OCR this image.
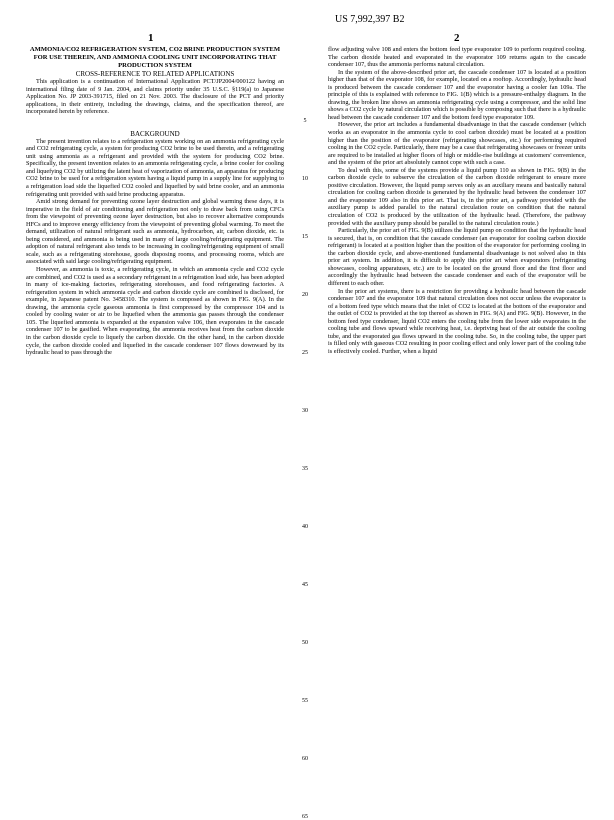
US 7,992,397 B2
1	2

AMMONIA/CO2 REFRIGERATION SYSTEM, CO2 BRINE PRODUCTION SYSTEM FOR USE THEREIN, AND AMMONIA COOLING UNIT INCORPORATING THAT PRODUCTION SYSTEM

CROSS-REFERENCE TO RELATED APPLICATIONS

This application is a continuation of International Application PCT/JP2004/000122 having an international filing date of 9 Jan. 2004, and claims priority under 35 U.S.C. §119(a) to Japanese Application No. JP 2003-391715, filed on 21 Nov. 2003. The disclosure of the PCT and priority applications, in their entirety, including the drawings, claims, and the specification thereof, are incorporated herein by reference.

BACKGROUND

The present invention relates to a refrigeration system working on an ammonia refrigerating cycle and CO2 refrigerating cycle, a system for producing CO2 brine to be used therein, and a refrigerating unit using ammonia as a refrigerant and provided with the system for producing CO2 brine. Specifically, the present invention relates to an ammonia refrigerating cycle, a brine cooler for cooling and liquefying CO2 by utilizing the latent heat of vaporization of ammonia, an apparatus for producing CO2 brine to be used for a refrigeration system having a liquid pump in a supply line for supplying to a refrigeration load side the liquefied CO2 cooled and liquefied by said brine cooler, and an ammonia refrigerating unit provided with said brine producing apparatus.

Amid strong demand for preventing ozone layer destruction and global warming these days, it is imperative in the field of air conditioning and refrigeration not only to draw back from using CFCs from the viewpoint of preventing ozone layer destruction, but also to recover alternative compounds HFCs and to improve energy efficiency from the viewpoint of preventing global warming. To meet the demand, utilization of natural refrigerant such as ammonia, hydrocarbon, air, carbon dioxide, etc. is being considered, and ammonia is being used in many of large cooling/refrigerating equipment. The adoption of natural refrigerant also tends to be increasing in cooling/refrigerating equipment of small scale, such as a refrigerating storehouse, goods disposing rooms, and processing rooms, which are associated with said large cooling/refrigerating equipment.

However, as ammonia is toxic, a refrigerating cycle, in which an ammonia cycle and CO2 cycle are combined, and CO2 is used as a secondary refrigerant in a refrigeration load side, has been adopted in many of ice-making factories, refrigerating storehouses, and food refrigerating factories. A refrigeration system in which ammonia cycle and carbon dioxide cycle are combined is disclosed, for example, in Japanese patent No. 3458310. The system is composed as shown in FIG. 9(A). In the drawing, the ammonia cycle gaseous ammonia is first compressed by the compressor 104 and is cooled by cooling water or air to be liquefied when the ammonia gas passes through the condenser 105. The liquefied ammonia is expanded at the expansion valve 106, then evaporates in the cascade condenser 107 to be gasified. When evaporating, the ammonia receives heat from the carbon dioxide in the carbon dioxide cycle to liquefy the carbon dioxide. On the other hand, in the carbon dioxide cycle, the carbon dioxide cooled and liquefied in the cascade condenser 107 flows downward by its hydraulic head to pass through the

5
10
15
20
25
30
35
40
45
50
55
60
65

flow adjusting valve 108 and enters the bottom feed type evaporator 109 to perform required cooling. The carbon dioxide heated and evaporated in the evaporator 109 returns again to the cascade condenser 107, thus the ammonia performs natural circulation.

In the system of the above-described prior art, the cascade condenser 107 is located at a position higher than that of the evaporator 108, for example, located on a rooftop. Accordingly, hydraulic head is produced between the cascade condenser 107 and the evaporator having a cooler fan 109a. The principle of this is explained with reference to FIG. 1(B) which is a pressure-enthalpy diagram. In the drawing, the broken line shows an ammonia refrigerating cycle using a compressor, and the solid line shows a CO2 cycle by natural circulation which is possible by composing such that there is a hydraulic head between the cascade condenser 107 and the bottom feed type evaporator 109.

However, the prior art includes a fundamental disadvantage in that the cascade condenser (which works as an evaporator in the ammonia cycle to cool carbon dioxide) must be located at a position higher than the position of the evaporator (refrigerating showcases, etc.) for performing required cooling in the CO2 cycle. Particularly, there may be a case that refrigerating showcases or freezer units are required to be installed at higher floors of high or middle-rise buildings at customers' convenience, and the system of the prior art absolutely cannot cope with such a case.

To deal with this, some of the systems provide a liquid pump 110 as shown in FIG. 9(B) in the carbon dioxide cycle to subserve the circulation of the carbon dioxide refrigerant to ensure more positive circulation. However, the liquid pump serves only as an auxiliary means and basically natural circulation for cooling carbon dioxide is generated by the hydraulic head between the condenser 107 and the evaporator 109 also in this prior art. That is, in the prior art, a pathway provided with the auxiliary pump is added parallel to the natural circulation route on condition that the natural circulation of CO2 is produced by the utilization of the hydraulic head. (Therefore, the pathway provided with the auxiliary pump should be parallel to the natural circulation route.)

Particularly, the prior art of FIG. 9(B) utilizes the liquid pump on condition that the hydraulic head is secured, that is, on condition that the cascade condenser (an evaporator for cooling carbon dioxide refrigerant) is located at a position higher than the position of the evaporator for performing cooling in the carbon dioxide cycle, and above-mentioned fundamental disadvantage is not solved also in this prior art system. In addition, it is difficult to apply this prior art when evaporators (refrigerating showcases, cooling apparatuses, etc.) are to be located on the ground floor and the first floor and accordingly the hydraulic head between the cascade condenser and each of the evaporator will be different to each other.

In the prior art systems, there is a restriction for providing a hydraulic head between the cascade condenser 107 and the evaporator 109 that natural circulation does not occur unless the evaporator is of a bottom feed type which means that the inlet of CO2 is located at the bottom of the evaporator and the outlet of CO2 is provided at the top thereof as shown in FIG. 9(A) and FIG. 9(B). However, in the bottom feed type condenser, liquid CO2 enters the cooling tube from the lower side evaporates in the cooling tube and flows upward while receiving heat, i.e. depriving heat of the air outside the cooling tube, and the evaporated gas flows upward in the cooling tube. So, in the cooling tube, the upper part is filled only with gaseous CO2 resulting in poor cooling effect and only lower part of the cooling tube is effectively cooled. Further, when a liquid
